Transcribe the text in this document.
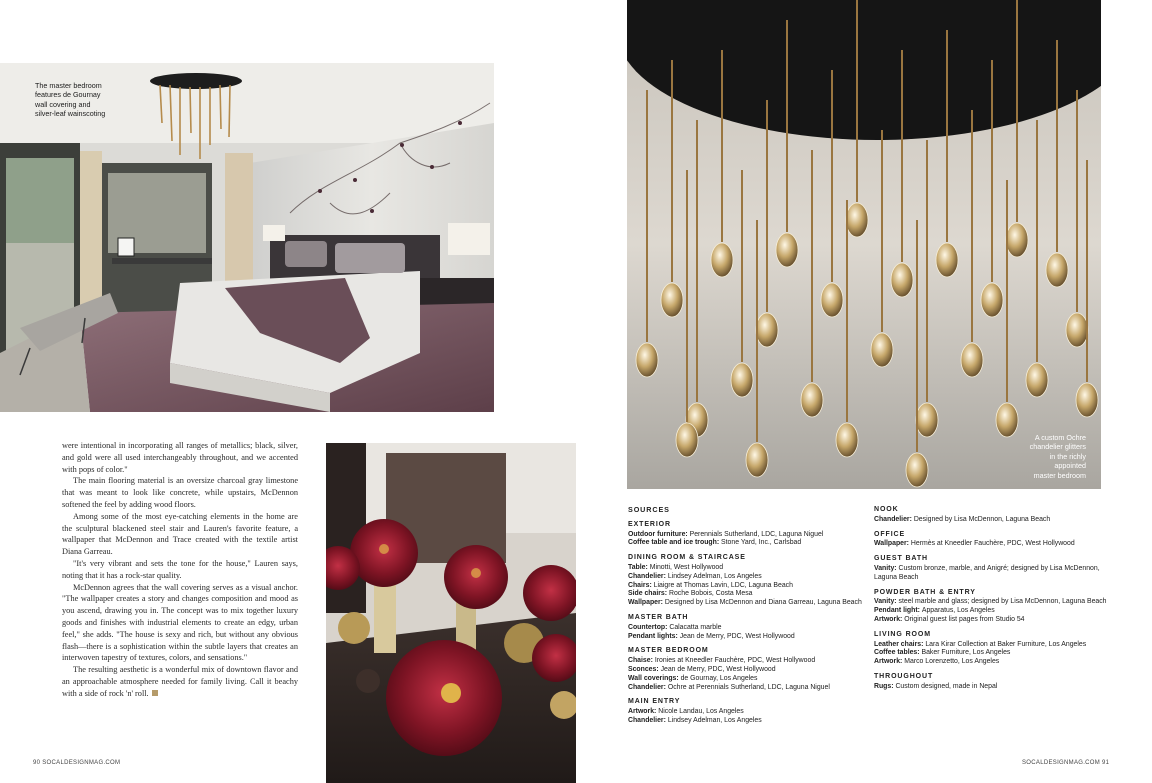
The master bedroom
features de Gournay
wall covering and
silver-leaf wainscoting
A custom Ochre
chandelier glitters
in the richly
appointed
master bedroom

were intentional in incorporating all ranges of metallics; black, silver, and gold were all used interchangeably throughout, and we accented with pops of color."

The main flooring material is an oversize charcoal gray limestone that was meant to look like concrete, while upstairs, McDennon softened the feel by adding wood floors.

Among some of the most eye-catching elements in the home are the sculptural blackened steel stair and Lauren's favorite feature, a wallpaper that McDennon and Trace created with the textile artist Diana Garreau.

"It's very vibrant and sets the tone for the house," Lauren says, noting that it has a rock-star quality.

McDennon agrees that the wall covering serves as a visual anchor. "The wallpaper creates a story and changes composition and mood as you ascend, drawing you in. The concept was to mix together luxury goods and finishes with industrial elements to create an edgy, urban feel," she adds. "The house is sexy and rich, but without any obvious flash—there is a sophistication within the subtle layers that creates an interwoven tapestry of textures, colors, and sensations."

The resulting aesthetic is a wonderful mix of downtown flavor and an approachable atmosphere needed for family living. Call it beachy with a side of rock 'n' roll.

90 SOCALDESIGNMAG.COM	SOCALDESIGNMAG.COM 91
SOURCES
EXTERIOR
Outdoor furniture: Perennials Sutherland, LDC, Laguna Niguel
Coffee table and ice trough: Stone Yard, Inc., Carlsbad
DINING ROOM & STAIRCASE
Table: Minotti, West Hollywood
Chandelier: Lindsey Adelman, Los Angeles
Chairs: Liaigre at Thomas Lavin, LDC, Laguna Beach
Side chairs: Roche Bobois, Costa Mesa
Wallpaper: Designed by Lisa McDennon and Diana Garreau, Laguna Beach
MASTER BATH
Countertop: Calacatta marble
Pendant lights: Jean de Merry, PDC, West Hollywood
MASTER BEDROOM
Chaise: Ironies at Kneedler Fauchère, PDC, West Hollywood
Sconces: Jean de Merry, PDC, West Hollywood
Wall coverings: de Gournay, Los Angeles
Chandelier: Ochre at Perennials Sutherland, LDC, Laguna Niguel
MAIN ENTRY
Artwork: Nicole Landau, Los Angeles
Chandelier: Lindsey Adelman, Los Angeles
NOOK
Chandelier: Designed by Lisa McDennon, Laguna Beach
OFFICE
Wallpaper: Hermès at Kneedler Fauchère, PDC, West Hollywood
GUEST BATH
Vanity: Custom bronze, marble, and Anigré; designed by Lisa McDennon, Laguna Beach
POWDER BATH & ENTRY
Vanity: steel marble and glass; designed by Lisa McDennon, Laguna Beach
Pendant light: Apparatus, Los Angeles
Artwork: Original guest list pages from Studio 54
LIVING ROOM
Leather chairs: Lara Kirar Collection at Baker Furniture, Los Angeles
Coffee tables: Baker Furniture, Los Angeles
Artwork: Marco Lorenzetto, Los Angeles
THROUGHOUT
Rugs: Custom designed, made in Nepal
